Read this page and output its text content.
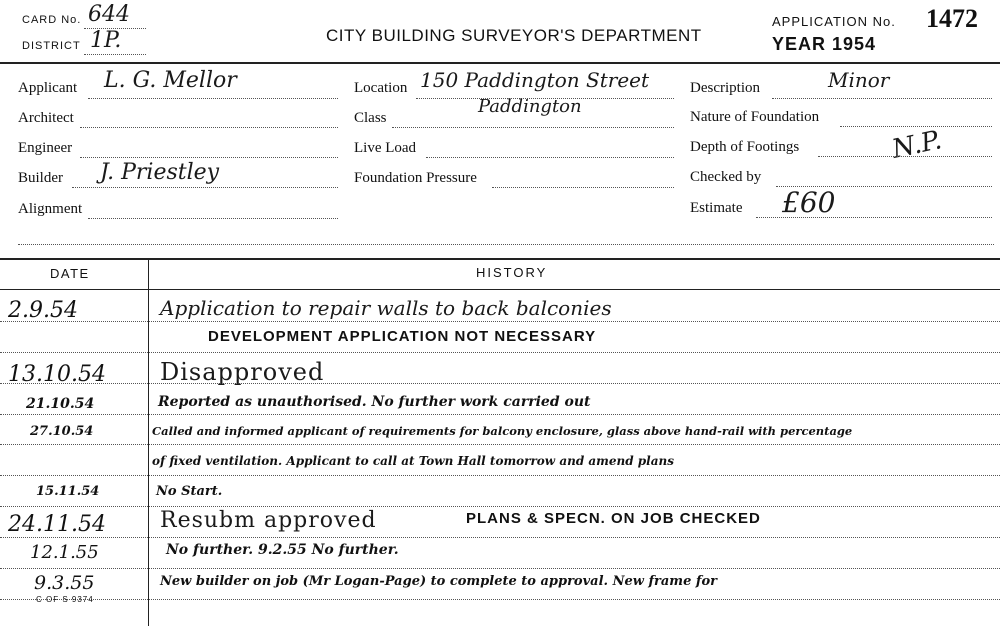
CARD No. 644
DISTRICT 1P.	CITY BUILDING SURVEYOR'S DEPARTMENT
APPLICATION No. 1472
YEAR 1954
Applicant L. G. Mellor
Architect
Engineer
Builder J. Priestley
Alignment
Location 150 Paddington Street
Class
Paddington
Live Load
Foundation Pressure
Description	Minor
Nature of Foundation
Depth of Footings	N.P.
Checked by
Estimate £60
DATE	HISTORY
2.9.54	Application to repair walls to back balconies
DEVELOPMENT APPLICATION NOT NECESSARY
13.10.54 Disapproved
21.10.54	Reported as unauthorised. No further work carried out
27.10.54	Called and informed applicant of requirements for balcony enclosure, glass above hand-rail with percentage
of fixed ventilation. Applicant to call at Town Hall tomorrow and amend plans
15.11.54	No Start.
24.11.54 Resubm approved	PLANS & SPECN. ON JOB CHECKED
12.1.55	No further. 9.2.55 No further.
9.3.55	New builder on job (Mr Logan-Page) to complete to approval. New frame for
C OF S 9374
